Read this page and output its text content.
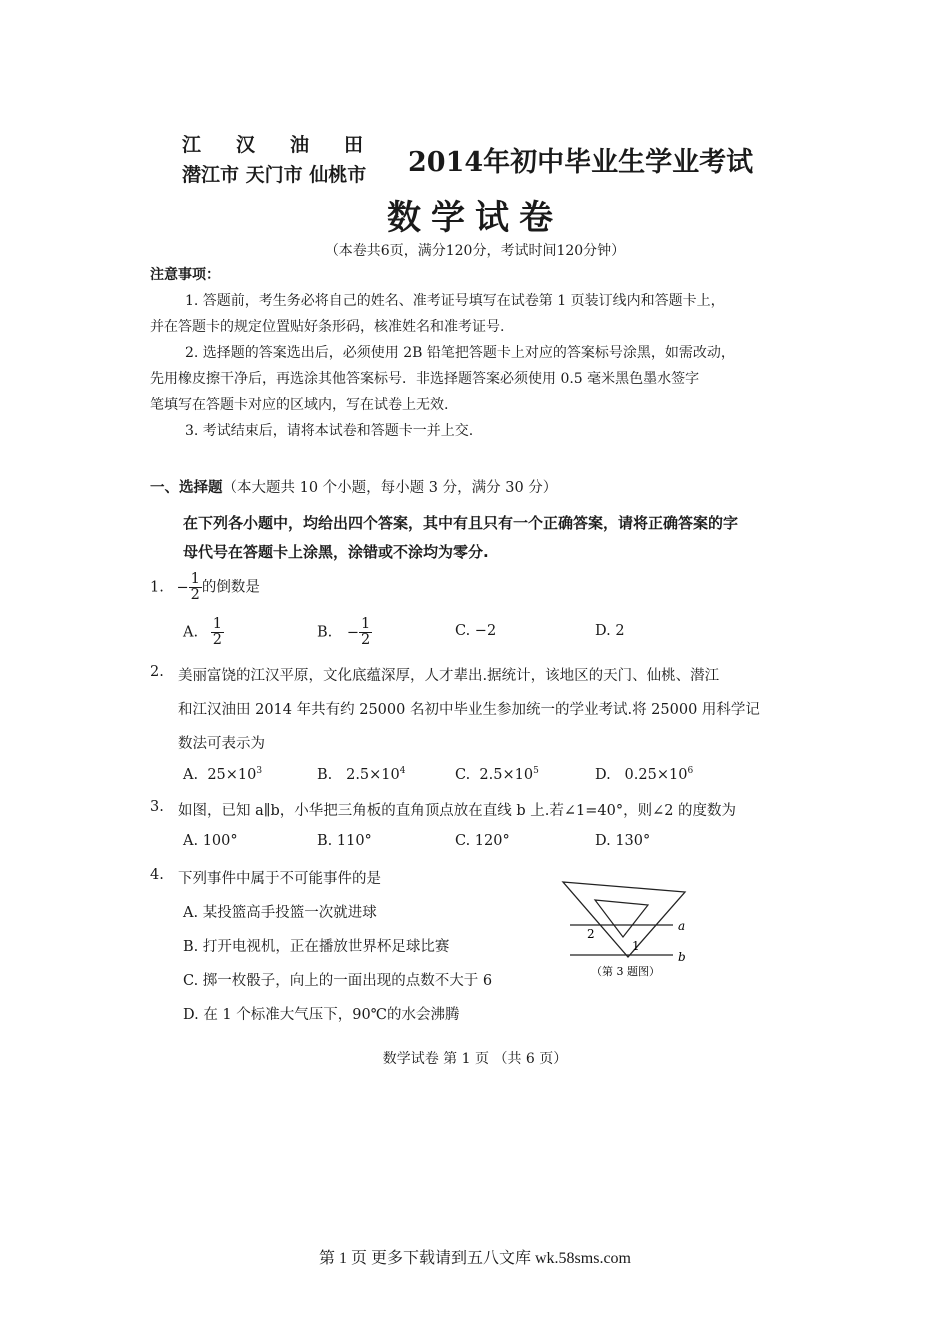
江 汉 油 田
潜江市 天门市 仙桃市 2014年初中毕业生学业考试
数学试卷
（本卷共6页，满分120分，考试时间120分钟）
注意事项：
1. 答题前，考生务必将自己的姓名、准考证号填写在试卷第 1 页装订线内和答题卡上，
并在答题卡的规定位置贴好条形码，核准姓名和准考证号.
2. 选择题的答案选出后，必须使用 2B 铅笔把答题卡上对应的答案标号涂黑，如需改动，
先用橡皮擦干净后，再选涂其他答案标号．非选择题答案必须使用 0.5 毫米黑色墨水签字
笔填写在答题卡对应的区域内，写在试卷上无效.
3. 考试结束后，请将本试卷和答题卡一并上交.
一、选择题（本大题共 10 个小题，每小题 3 分，满分 30 分）
在下列各小题中，均给出四个答案，其中有且只有一个正确答案，请将正确答案的字
母代号在答题卡上涂黑，涂错或不涂均为零分.
1. − $\frac{1}{2}$ 的倒数是
A. $\frac{1}{2}$	B. − $\frac{1}{2}$	C. −2	D. 2
2. 美丽富饶的江汉平原，文化底蕴深厚，人才辈出.据统计，该地区的天门、仙桃、潜江
和江汉油田 2014 年共有约 25000 名初中毕业生参加统一的学业考试.将 25000 用科学记
数法可表示为
A. $25\times 10^3$	B. $2.5\times 10^4$	C. $2.5\times 10^5$	D. $0.25\times 10^6$
3. 如图，已知 a∥b，小华把三角板的直角顶点放在直线 b 上.若∠1=40°，则∠2 的度数为
A. 100°	B. 110°	C. 120°	D. 130°
4. 下列事件中属于不可能事件的是
A. 某投篮高手投篮一次就进球
B. 打开电视机，正在播放世界杯足球比赛
C. 掷一枚骰子，向上的一面出现的点数不大于 6
D. 在 1 个标准大气压下，90℃的水会沸腾
a
b
1
2
（第 3 题图）
数学试卷 第 1 页 （共 6 页）
第 1 页 更多下载请到五八文库 wk.58sms.com
